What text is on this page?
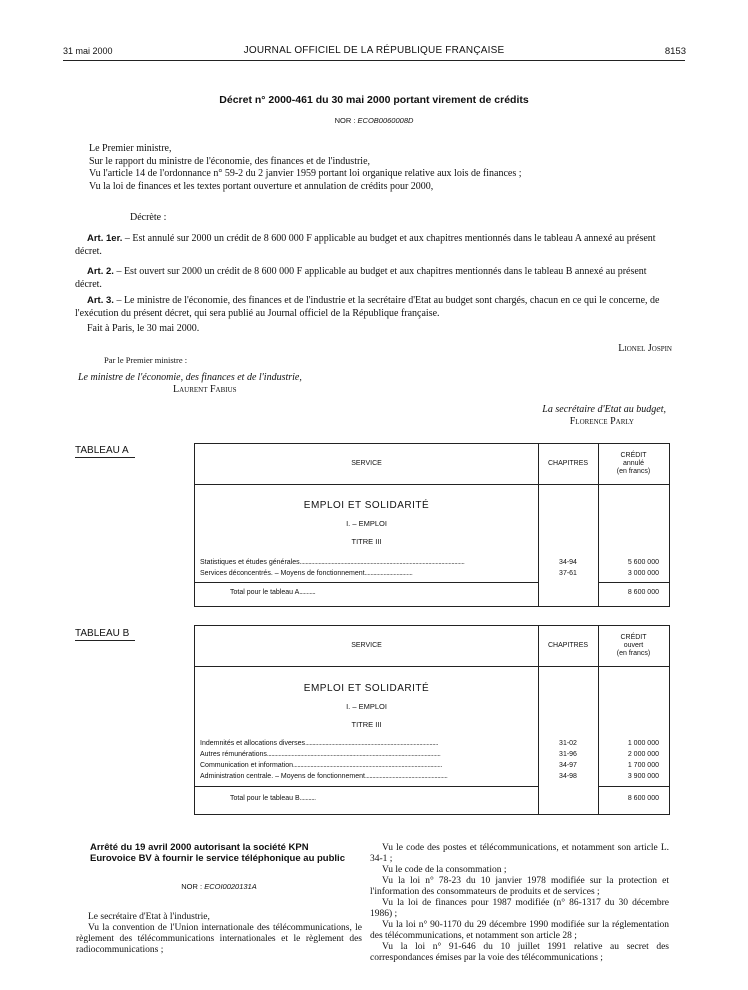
31 mai 2000	JOURNAL OFFICIEL DE LA RÉPUBLIQUE FRANÇAISE	8153
Décret n° 2000-461 du 30 mai 2000 portant virement de crédits
NOR : ECOB0060008D

Le Premier ministre,

Sur le rapport du ministre de l'économie, des finances et de l'industrie,

Vu l'article 14 de l'ordonnance n° 59-2 du 2 janvier 1959 portant loi organique relative aux lois de finances ;

Vu la loi de finances et les textes portant ouverture et annulation de crédits pour 2000,

Décrète :

Art. 1er. – Est annulé sur 2000 un crédit de 8 600 000 F applicable au budget et aux chapitres mentionnés dans le tableau A annexé au présent décret.

Art. 2. – Est ouvert sur 2000 un crédit de 8 600 000 F applicable au budget et aux chapitres mentionnés dans le tableau B annexé au présent décret.

Art. 3. – Le ministre de l'économie, des finances et de l'industrie et la secrétaire d'Etat au budget sont chargés, chacun en ce qui le concerne, de l'exécution du présent décret, qui sera publié au Journal officiel de la République française.

Fait à Paris, le 30 mai 2000.
Lionel Jospin
Par le Premier ministre :
Le ministre de l'économie, des finances et de l'industrie,
Laurent Fabius
La secrétaire d'Etat au budget,
Florence Parly
TABLEAU A
SERVICE	CHAPITRES
CRÉDIT
annulé
(en francs)
EMPLOI ET SOLIDARITÉ
I. – EMPLOI
TITRE III
Statistiques et études générales..................................................................................................................	34-94	5 600 000
Services déconcentrés. – Moyens de fonctionnement.................................	37-61	3 000 000
Total pour le tableau A...........	8 600 000
TABLEAU B
SERVICE	CHAPITRES
CRÉDIT
ouvert
(en francs)
EMPLOI ET SOLIDARITÉ
I. – EMPLOI
TITRE III
Indemnités et allocations diverses............................................................................................	31-02	1 000 000
Autres rémunérations........................................................................................................................	31-96	2 000 000
Communication et information.......................................................................................................	34-97	1 700 000
Administration centrale. – Moyens de fonctionnement.........................................................	34-98	3 900 000
Total pour le tableau B...........	8 600 000
Arrêté du 19 avril 2000 autorisant la société KPN Eurovoice BV à fournir le service téléphonique au public
NOR : ECOI0020131A

Le secrétaire d'Etat à l'industrie,

Vu la convention de l'Union internationale des télécommunications, le règlement des télécommunications internationales et le règlement des radiocommunications ;

Vu le code des postes et télécommunications, et notamment son article L. 34-1 ;

Vu le code de la consommation ;

Vu la loi n° 78-23 du 10 janvier 1978 modifiée sur la protection et l'information des consommateurs de produits et de services ;

Vu la loi de finances pour 1987 modifiée (n° 86-1317 du 30 décembre 1986) ;

Vu la loi n° 90-1170 du 29 décembre 1990 modifiée sur la réglementation des télécommunications, et notamment son article 28 ;

Vu la loi n° 91-646 du 10 juillet 1991 relative au secret des correspondances émises par la voie des télécommunications ;
